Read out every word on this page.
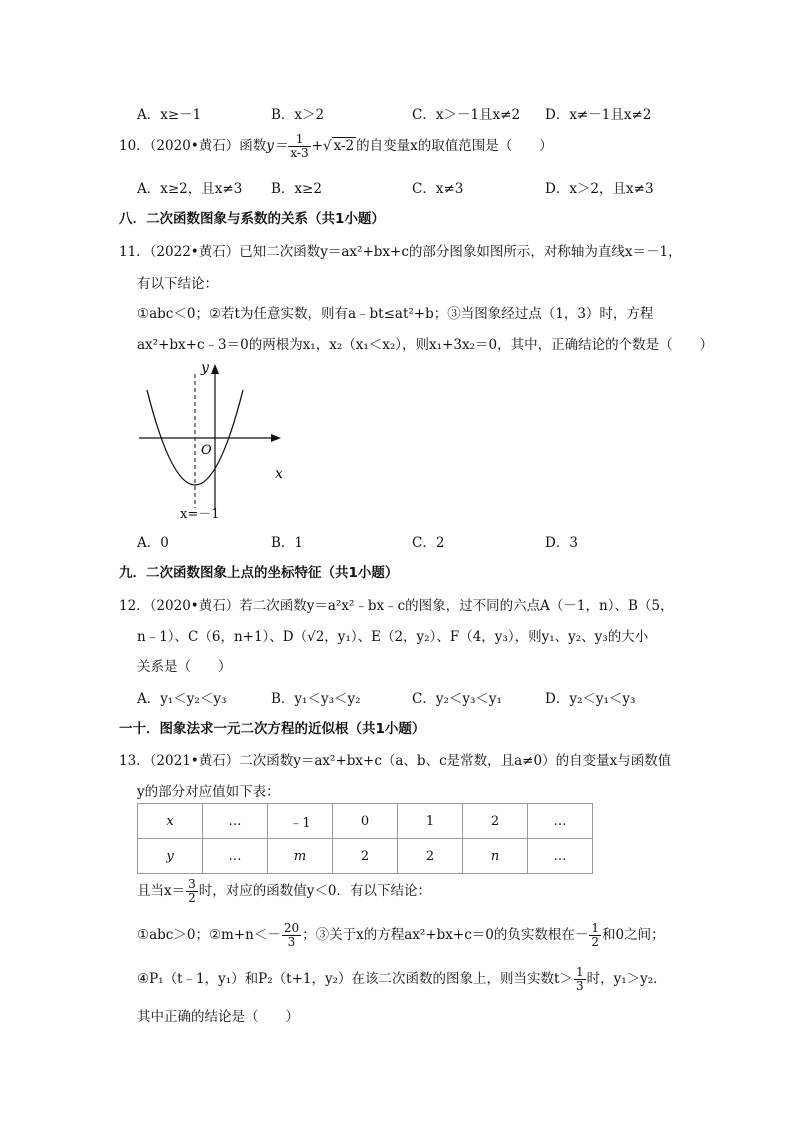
A．x≥－1	B．x＞2	C．x＞－1且x≠2 D．x≠－1且x≠2
10．（2020•黄石）函数$y= \frac{1}{x-3}$ +√ x-2 的自变量x的取值范围是（　　）
A．x≥2，且x≠3 B．x≥2	C．x≠3	D．x＞2，且x≠3
八．二次函数图象与系数的关系（共1小题）
11．（2022•黄石）已知二次函数y＝ax²+bx+c的部分图象如图所示，对称轴为直线x＝－1，
有以下结论：
①abc＜0；②若t为任意实数，则有a﹣bt≤at²+b；③当图象经过点（1，3）时，方程
ax²+bx+c﹣3＝0的两根为x₁，x₂（x₁＜x₂），则x₁+3x₂＝0，其中，正确结论的个数是（　　）
y
x
O
x=－1
A．0	B．1	C．2	D．3
九．二次函数图象上点的坐标特征（共1小题）
12．（2020•黄石）若二次函数y＝a²x²﹣bx﹣c的图象，过不同的六点A（－1，n）、B（5，
n﹣1）、C（6，n+1）、D（√2，y₁）、E（2，y₂）、F（4，y₃），则y₁、y₂、y₃的大小
关系是（　　）
A．y₁＜y₂＜y₃	B．y₁＜y₃＜y₂	C．y₂＜y₃＜y₁	D．y₂＜y₁＜y₃
一十．图象法求一元二次方程的近似根（共1小题）
13．（2021•黄石）二次函数y＝ax²+bx+c（a、b、c是常数，且a≠0）的自变量x与函数值
y的部分对应值如下表：
x	…	﹣1	0	1	2	…
y	…	m	2	2	n	…
且当$x= \frac{3}{2}$ 时，对应的函数值y＜0．有以下结论：
①abc＞0；②m+n＜－ $\frac{20}{3}$ ；③关于x的方程ax²+bx+c＝0的负实数根在－ $\frac{1}{2}$ 和0之间；
④P₁（t﹣1，y₁）和P₂（t+1，y₂）在该二次函数的图象上，则当实数$t> \frac{1}{3}$ 时，y₁＞y₂．
其中正确的结论是（　　）
